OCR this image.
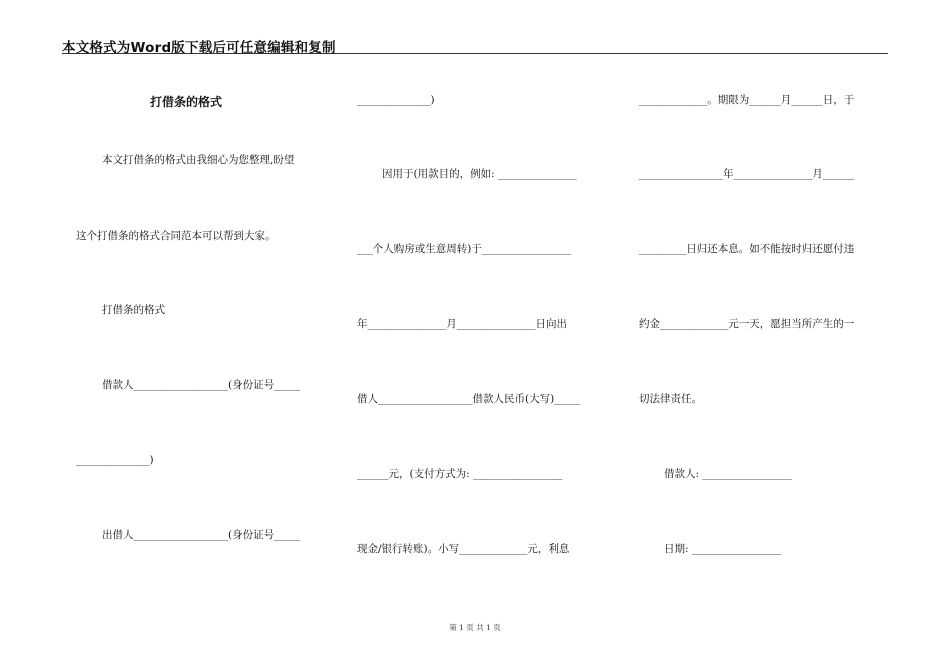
本文格式为Word版下载后可任意编辑和复制
打借条的格式
本文打借条的格式由我细心为您整理,盼望
这个打借条的格式合同范本可以帮到大家。
打借条的格式
借款人__________________(身份证号_____
______________)
出借人__________________(身份证号_____
______________)
因用于(用款目的，例如: _______________
___个人购房或生意周转)于_________________
年_______________月_______________日向出
借人__________________借款人民币(大写)_____
______元，(支付方式为: _________________
现金/银行转账)。小写_____________元，利息
_____________。期限为______月______日，于
________________年_______________月______
_________日归还本息。如不能按时归还愿付违
约金_____________元一天，愿担当所产生的一
切法律责任。
借款人: _________________
日期: _________________
第 1 页 共 1 页
